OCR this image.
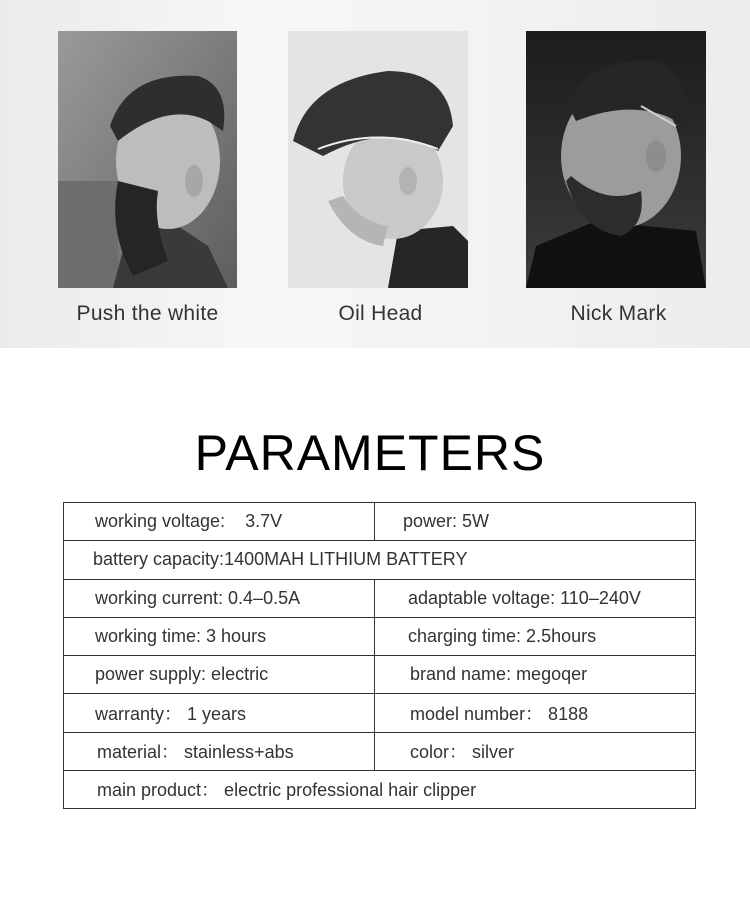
Push the white	Oil Head	Nick Mark
PARAMETERS
working voltage:    3.7V	power: 5W
battery capacity:1400MAH LITHIUM BATTERY	
working current: 0.4–0.5A	adaptable voltage: 110–240V
working time: 3 hours	charging time: 2.5hours
power supply: electric	brand name: megoqer
warranty： 1 years	model number： 8188
material： stainless+abs	color： silver
main product： electric professional hair clipper	
